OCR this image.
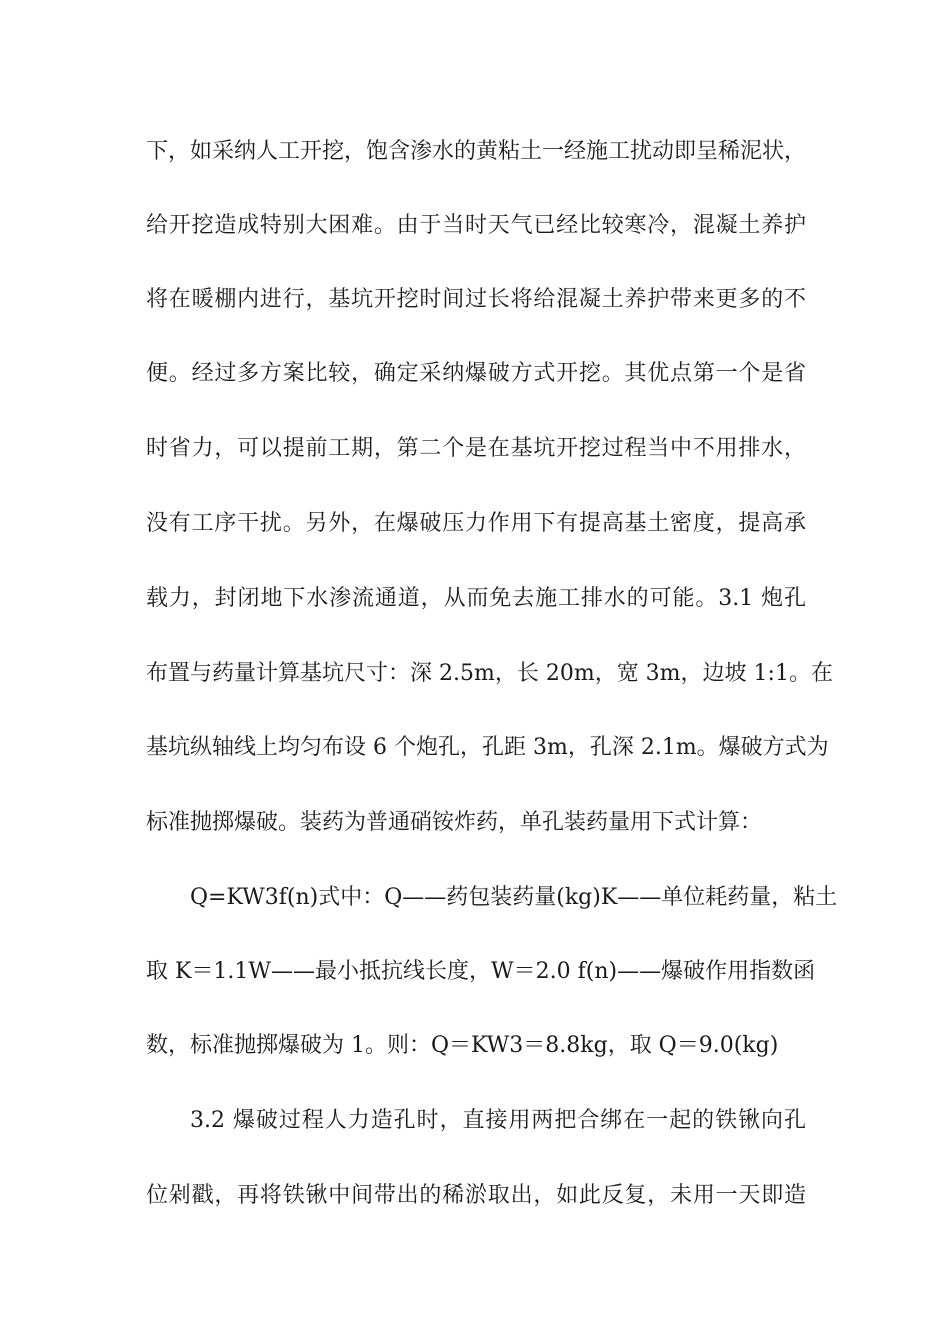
下，如采纳人工开挖，饱含渗水的黄粘土一经施工扰动即呈稀泥状，
给开挖造成特别大困难。由于当时天气已经比较寒冷，混凝土养护
将在暖棚内进行，基坑开挖时间过长将给混凝土养护带来更多的不
便。经过多方案比较，确定采纳爆破方式开挖。其优点第一个是省
时省力，可以提前工期，第二个是在基坑开挖过程当中不用排水，
没有工序干扰。另外，在爆破压力作用下有提高基土密度，提高承
载力，封闭地下水渗流通道，从而免去施工排水的可能。3.1 炮孔
布置与药量计算基坑尺寸：深 2.5m，长 20m，宽 3m，边坡 1:1。在
基坑纵轴线上均匀布设 6 个炮孔，孔距 3m，孔深 2.1m。爆破方式为
标准抛掷爆破。装药为普通硝铵炸药，单孔装药量用下式计算：
Q=KW3f(n)式中：Q——药包装药量(kg)K——单位耗药量，粘土
取 K＝1.1W——最小抵抗线长度，W＝2.0 f(n)——爆破作用指数函
数，标准抛掷爆破为 1。则：Q＝KW3＝8.8kg，取 Q＝9.0(kg)
3.2 爆破过程人力造孔时，直接用两把合绑在一起的铁锹向孔
位剁戳，再将铁锹中间带出的稀淤取出，如此反复，未用一天即造
